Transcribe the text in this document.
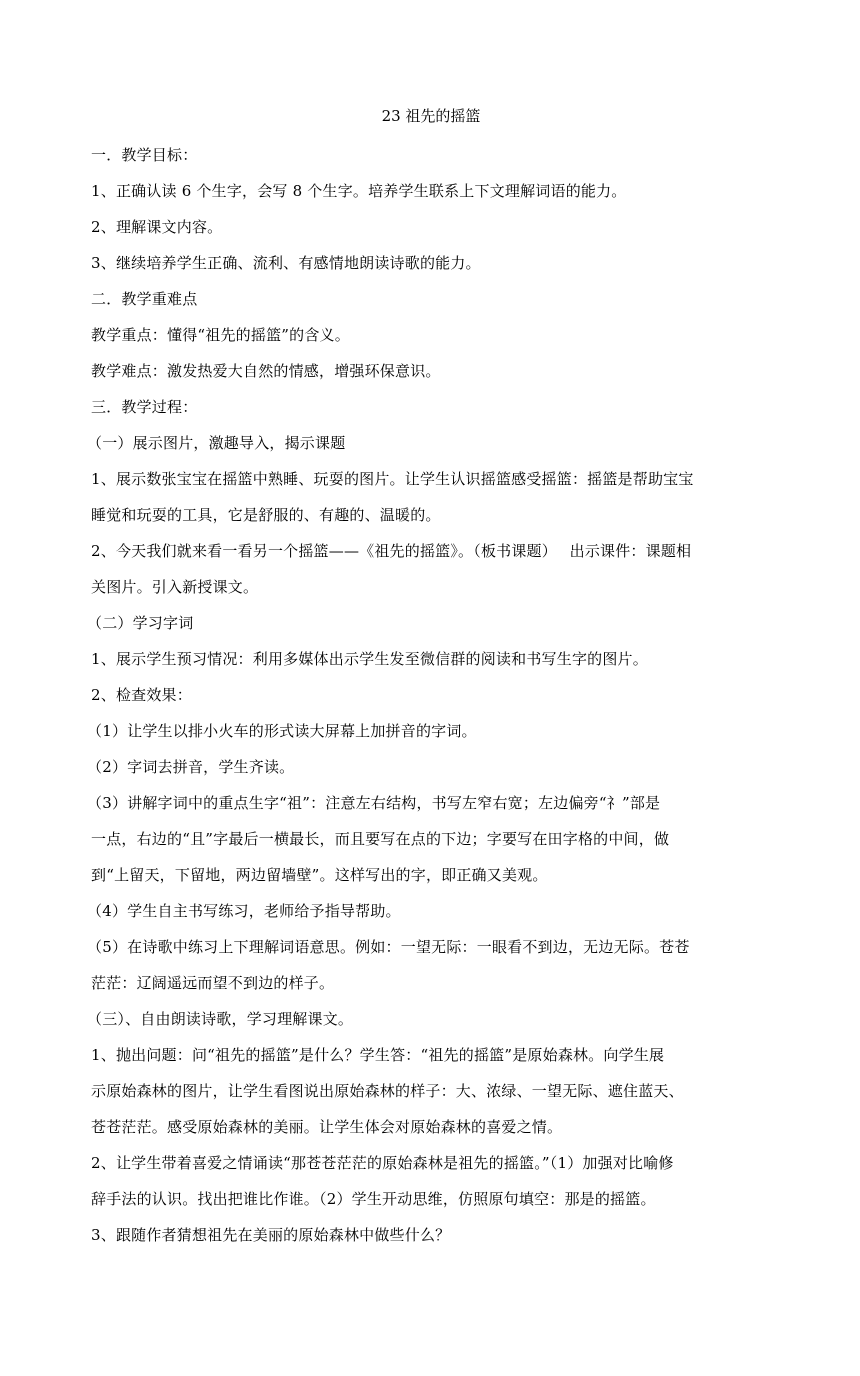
23 祖先的摇篮
一．教学目标：
1、正确认读 6 个生字，会写 8 个生字。培养学生联系上下文理解词语的能力。
2、理解课文内容。
3、继续培养学生正确、流利、有感情地朗读诗歌的能力。
二．教学重难点
教学重点：懂得“祖先的摇篮”的含义。
教学难点：激发热爱大自然的情感，增强环保意识。
三．教学过程：
（一）展示图片，激趣导入，揭示课题
1、展示数张宝宝在摇篮中熟睡、玩耍的图片。让学生认识摇篮感受摇篮：摇篮是帮助宝宝
睡觉和玩耍的工具，它是舒服的、有趣的、温暖的。
2、今天我们就来看一看另一个摇篮——《祖先的摇篮》。（板书课题）　 出示课件：课题相
关图片。引入新授课文。
（二）学习字词
1、展示学生预习情况：利用多媒体出示学生发至微信群的阅读和书写生字的图片。
2、检查效果：
（1）让学生以排小火车的形式读大屏幕上加拼音的字词。
（2）字词去拼音，学生齐读。
（3）讲解字词中的重点生字“祖”：注意左右结构，书写左窄右宽；左边偏旁“礻”部是
一点，右边的“且”字最后一横最长，而且要写在点的下边；字要写在田字格的中间，做
到“上留天，下留地，两边留墙壁”。这样写出的字，即正确又美观。
（4）学生自主书写练习，老师给予指导帮助。
（5）在诗歌中练习上下理解词语意思。例如：一望无际：一眼看不到边，无边无际。苍苍
茫茫：辽阔遥远而望不到边的样子。
（三）、自由朗读诗歌，学习理解课文。
1、抛出问题：问“祖先的摇篮”是什么？学生答：“祖先的摇篮”是原始森林。向学生展
示原始森林的图片，让学生看图说出原始森林的样子：大、浓绿、一望无际、遮住蓝天、
苍苍茫茫。感受原始森林的美丽。让学生体会对原始森林的喜爱之情。
2、让学生带着喜爱之情诵读“那苍苍茫茫的原始森林是祖先的摇篮。”（1）加强对比喻修
辞手法的认识。找出把谁比作谁。（2）学生开动思维，仿照原句填空：那是的摇篮。
3、跟随作者猜想祖先在美丽的原始森林中做些什么？
